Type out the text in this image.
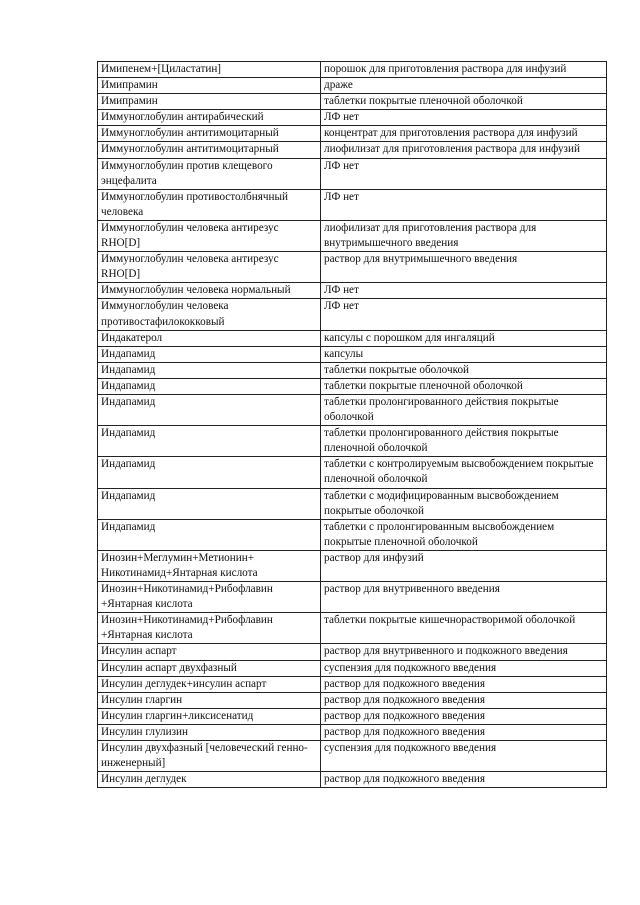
Имипенем+[Циластатин]	порошок для приготовления раствора для инфузий

Имипрамин	драже

Имипрамин	таблетки покрытые пленочной оболочкой

Иммуноглобулин антирабический	ЛФ нет

Иммуноглобулин антитимоцитарный	концентрат для приготовления раствора для инфузий

Иммуноглобулин антитимоцитарный	лиофилизат для приготовления раствора для инфузий

Иммуноглобулин против клещевого энцефалита	ЛФ нет

Иммуноглобулин противостолбнячный человека	ЛФ нет

Иммуноглобулин человека антирезус RHO[D]	лиофилизат для приготовления раствора для внутримышечного введения

Иммуноглобулин человека антирезус RHO[D]	раствор для внутримышечного введения

Иммуноглобулин человека нормальный	ЛФ нет

Иммуноглобулин человека противостафилококковый	ЛФ нет

Индакатерол	капсулы с порошком для ингаляций

Индапамид	капсулы

Индапамид	таблетки покрытые оболочкой

Индапамид	таблетки покрытые пленочной оболочкой

Индапамид	таблетки пролонгированного действия покрытые оболочкой

Индапамид	таблетки пролонгированного действия покрытые пленочной оболочкой

Индапамид	таблетки с контролируемым высвобождением покрытые пленочной оболочкой

Индапамид	таблетки с модифицированным высвобождением покрытые оболочкой

Индапамид	таблетки с пролонгированным высвобождением покрытые пленочной оболочкой

Инозин+Меглумин+Метионин+ Никотинамид+Янтарная кислота	раствор для инфузий

Инозин+Никотинамид+Рибофлавин +Янтарная кислота	раствор для внутривенного введения

Инозин+Никотинамид+Рибофлавин +Янтарная кислота	таблетки покрытые кишечнорастворимой оболочкой

Инсулин аспарт	раствор для внутривенного и подкожного введения

Инсулин аспарт двухфазный	суспензия для подкожного введения

Инсулин деглудек+инсулин аспарт	раствор для подкожного введения

Инсулин гларгин	раствор для подкожного введения

Инсулин гларгин+ликсисенатид	раствор для подкожного введения

Инсулин глулизин	раствор для подкожного введения

Инсулин двухфазный [человеческий генно-инженерный]	суспензия для подкожного введения

Инсулин деглудек	раствор для подкожного введения
